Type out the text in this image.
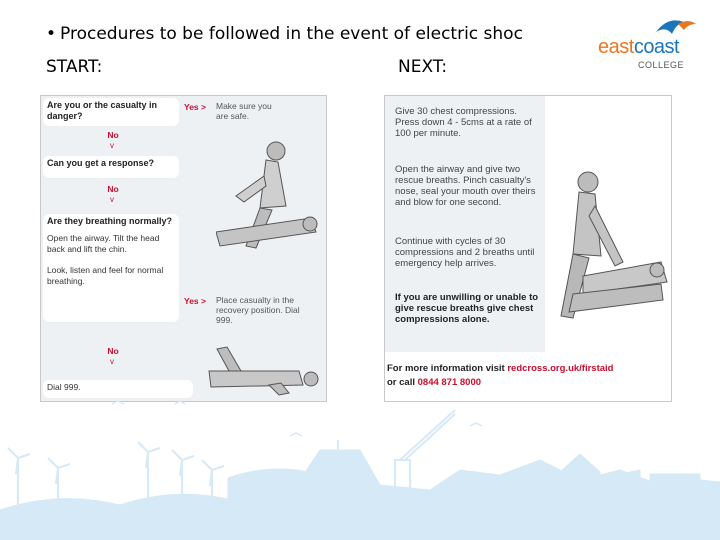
• Procedures to be followed in the event of electric shoc
START:	NEXT:
eastcoast
COLLEGE
Are you or the casualty in danger?
Yes > Make sure you are safe.
No
v
Can you get a response?
No
v
Are they breathing normally?
Open the airway. Tilt the head back and lift the chin.
Look, listen and feel for normal breathing.
Yes > Place casualty in the recovery position. Dial 999.
No
v
Dial 999.
Give 30 chest compressions. Press down 4 - 5cms at a rate of 100 per minute.
Open the airway and give two rescue breaths. Pinch casualty's nose, seal your mouth over theirs and blow for one second.
Continue with cycles of 30 compressions and 2 breaths until emergency help arrives.
If you are unwilling or unable to give rescue breaths give chest compressions alone.
For more information visit redcross.org.uk/firstaid
or call 0844 871 8000
